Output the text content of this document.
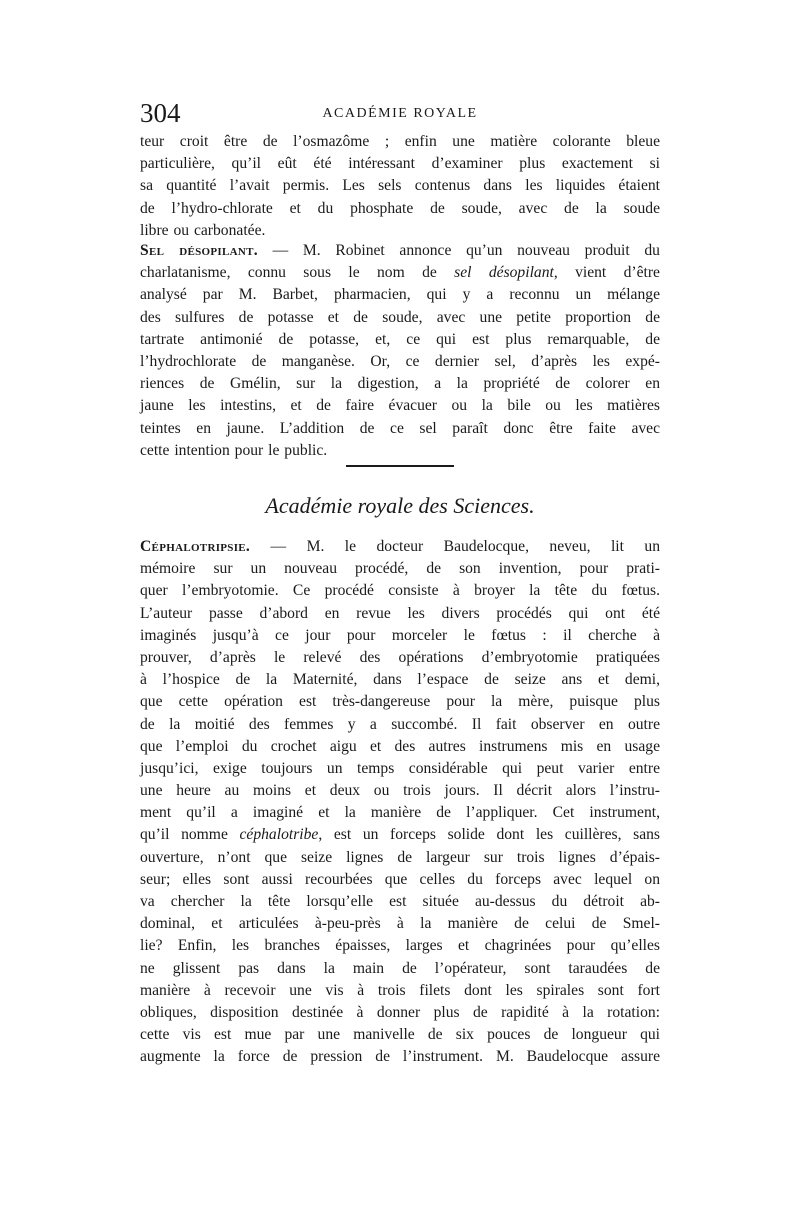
304	ACADÉMIE ROYALE
teur croit être de l’osmazôme ; enfin une matière colorante bleue
particulière, qu’il eût été intéressant d’examiner plus exactement si
sa quantité l’avait permis. Les sels contenus dans les liquides étaient
de l’hydro-chlorate et du phosphate de soude, avec de la soude
libre ou carbonatée.
Sel désopilant. — M. Robinet annonce qu’un nouveau produit du
charlatanisme, connu sous le nom de sel désopilant, vient d’être
analysé par M. Barbet, pharmacien, qui y a reconnu un mélange
des sulfures de potasse et de soude, avec une petite proportion de
tartrate antimonié de potasse, et, ce qui est plus remarquable, de
l’hydrochlorate de manganèse. Or, ce dernier sel, d’après les expé-
riences de Gmélin, sur la digestion, a la propriété de colorer en
jaune les intestins, et de faire évacuer ou la bile ou les matières
teintes en jaune. L’addition de ce sel paraît donc être faite avec
cette intention pour le public.
Académie royale des Sciences.
Céphalotripsie. — M. le docteur Baudelocque, neveu, lit un
mémoire sur un nouveau procédé, de son invention, pour prati-
quer l’embryotomie. Ce procédé consiste à broyer la tête du fœtus.
L’auteur passe d’abord en revue les divers procédés qui ont été
imaginés jusqu’à ce jour pour morceler le fœtus : il cherche à
prouver, d’après le relevé des opérations d’embryotomie pratiquées
à l’hospice de la Maternité, dans l’espace de seize ans et demi,
que cette opération est très-dangereuse pour la mère, puisque plus
de la moitié des femmes y a succombé. Il fait observer en outre
que l’emploi du crochet aigu et des autres instrumens mis en usage
jusqu’ici, exige toujours un temps considérable qui peut varier entre
une heure au moins et deux ou trois jours. Il décrit alors l’instru-
ment qu’il a imaginé et la manière de l’appliquer. Cet instrument,
qu’il nomme céphalotribe, est un forceps solide dont les cuillères, sans
ouverture, n’ont que seize lignes de largeur sur trois lignes d’épais-
seur; elles sont aussi recourbées que celles du forceps avec lequel on
va chercher la tête lorsqu’elle est située au-dessus du détroit ab-
dominal, et articulées à-peu-près à la manière de celui de Smel-
lie? Enfin, les branches épaisses, larges et chagrinées pour qu’elles
ne glissent pas dans la main de l’opérateur, sont taraudées de
manière à recevoir une vis à trois filets dont les spirales sont fort
obliques, disposition destinée à donner plus de rapidité à la rotation:
cette vis est mue par une manivelle de six pouces de longueur qui
augmente la force de pression de l’instrument. M. Baudelocque assure
